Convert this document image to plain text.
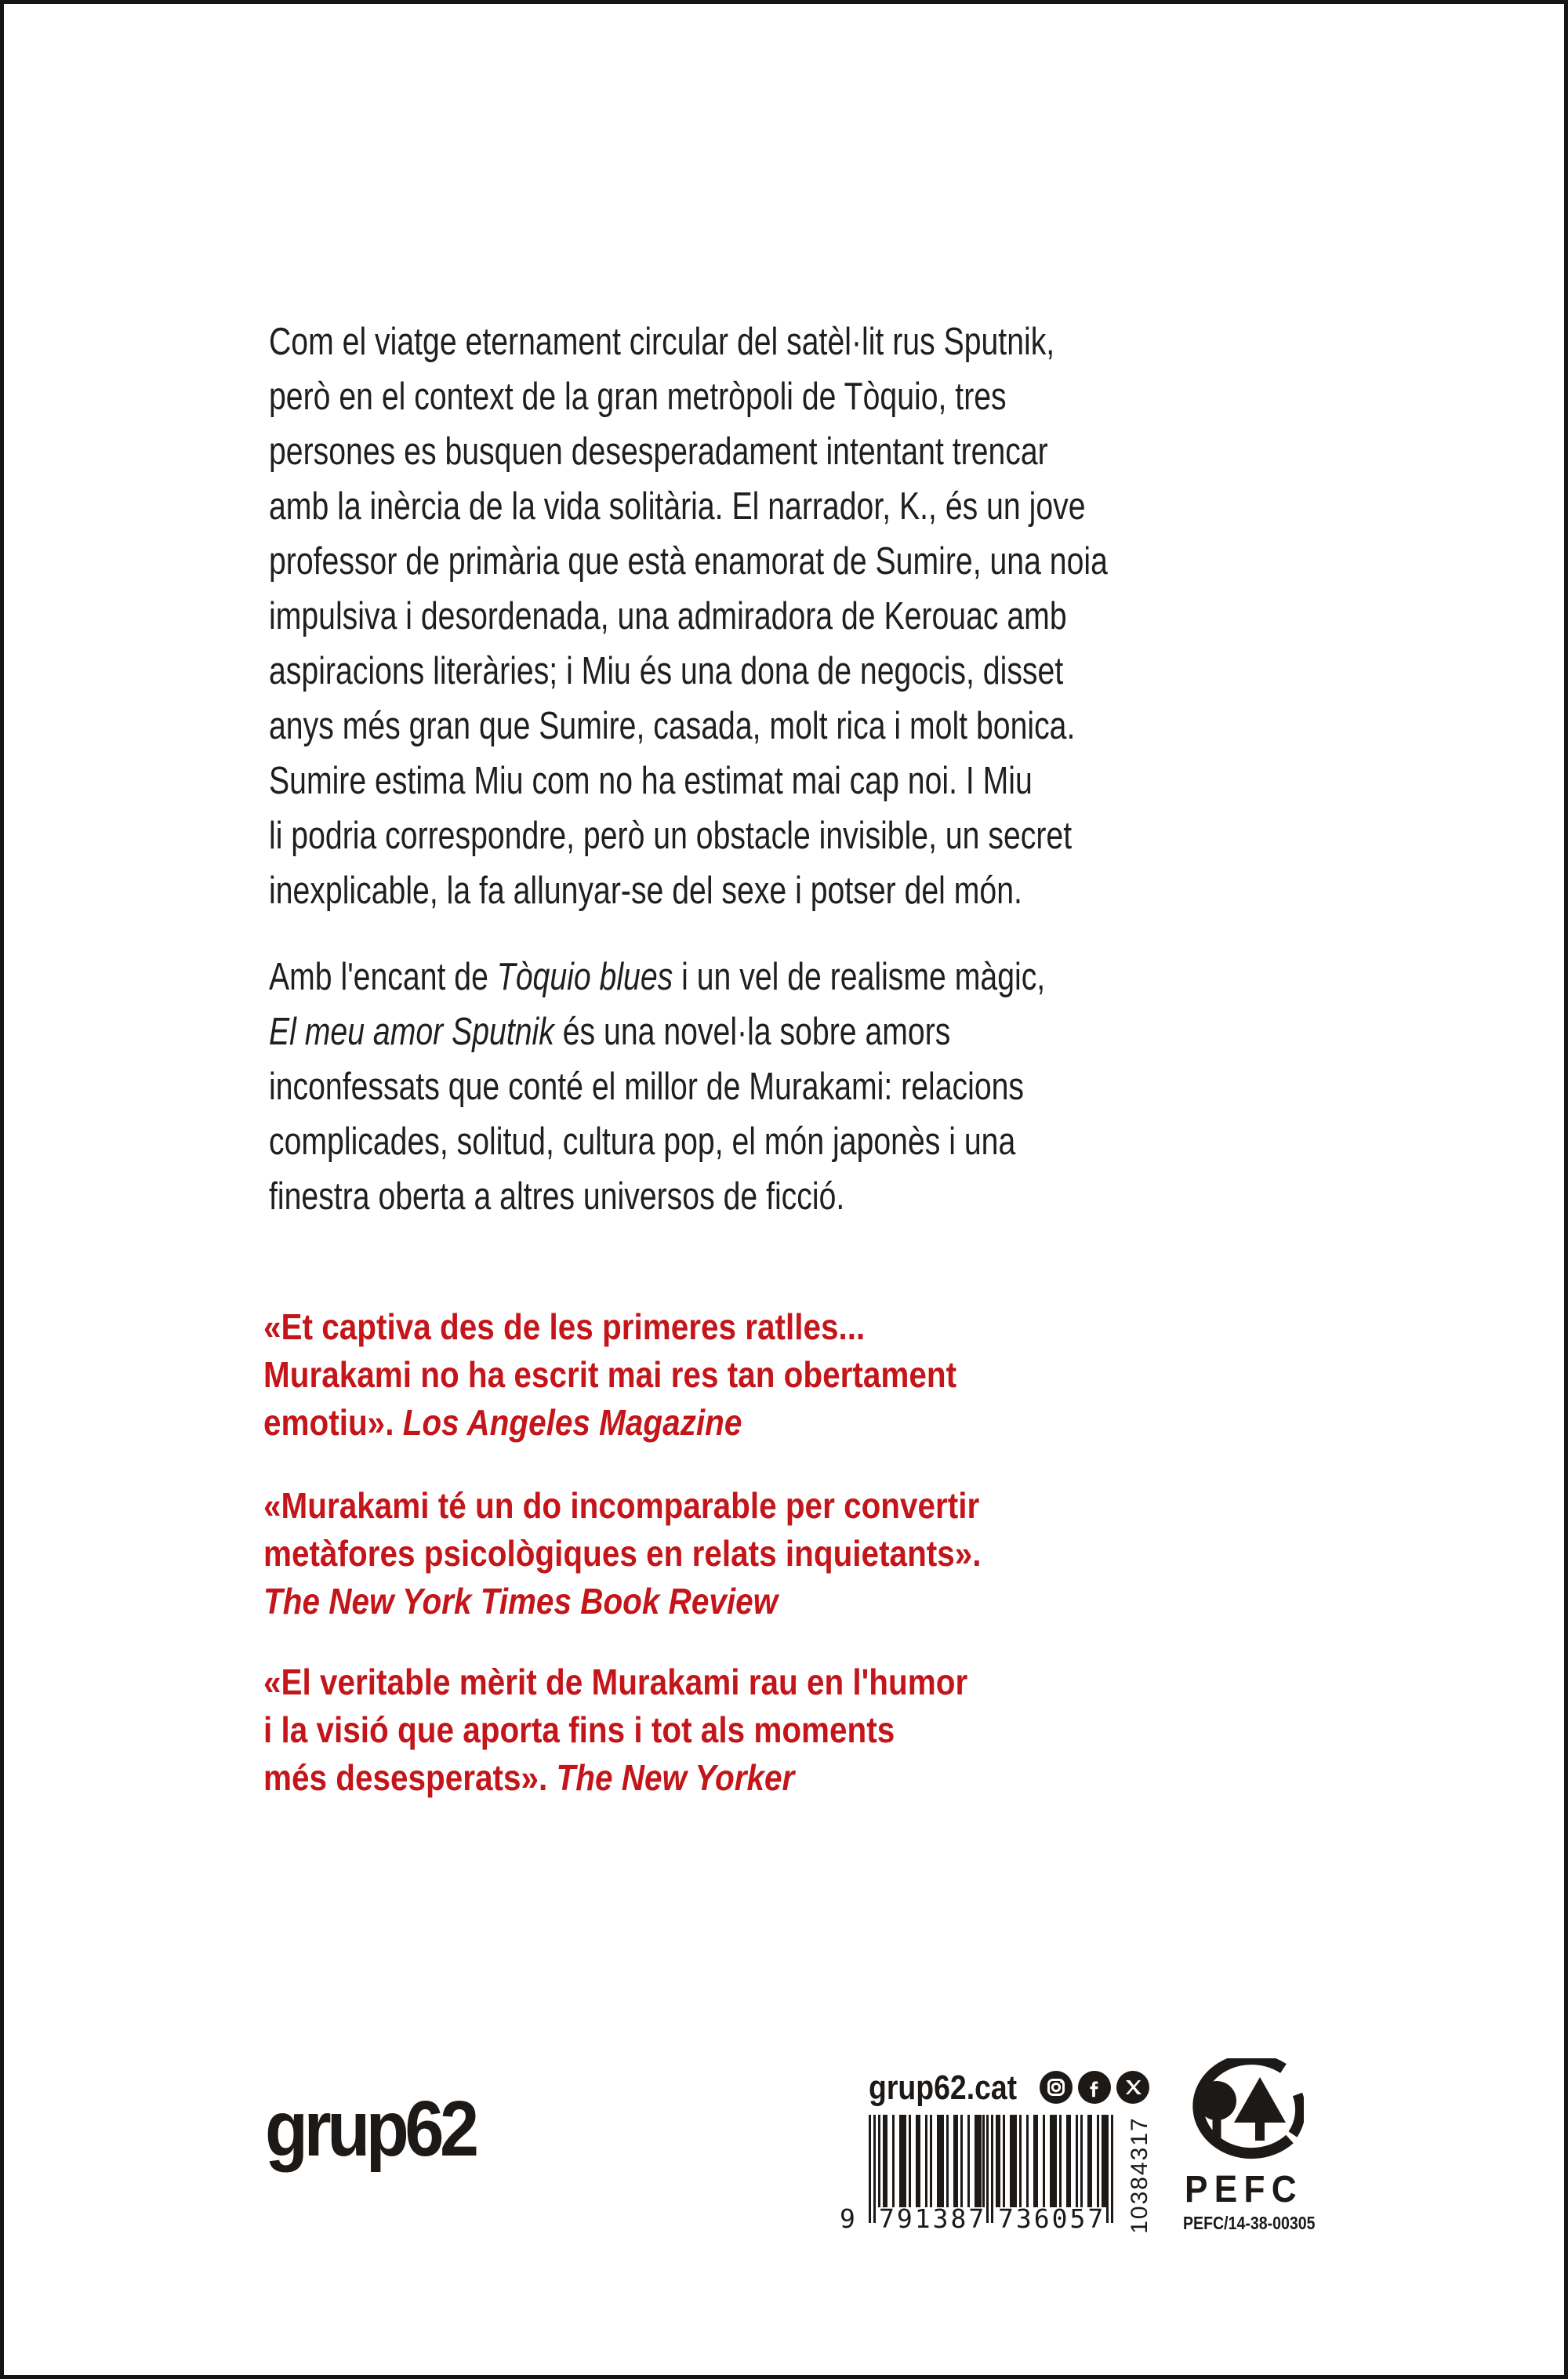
Com el viatge eternament circular del satèl·lit rus Sputnik,
però en el context de la gran metròpoli de Tòquio, tres
persones es busquen desesperadament intentant trencar
amb la inèrcia de la vida solitària. El narrador, K., és un jove
professor de primària que està enamorat de Sumire, una noia
impulsiva i desordenada, una admiradora de Kerouac amb
aspiracions literàries; i Miu és una dona de negocis, disset
anys més gran que Sumire, casada, molt rica i molt bonica.
Sumire estima Miu com no ha estimat mai cap noi. I Miu
li podria correspondre, però un obstacle invisible, un secret
inexplicable, la fa allunyar-se del sexe i potser del món.
Amb l'encant de Tòquio blues i un vel de realisme màgic,
El meu amor Sputnik és una novel·la sobre amors
inconfessats que conté el millor de Murakami: relacions
complicades, solitud, cultura pop, el món japonès i una
finestra oberta a altres universos de ficció.
«Et captiva des de les primeres ratlles...
Murakami no ha escrit mai res tan obertament
emotiu». Los Angeles Magazine
«Murakami té un do incomparable per convertir
metàfores psicològiques en relats inquietants».
The New York Times Book Review
«El veritable mèrit de Murakami rau en l'humor
i la visió que aporta fins i tot als moments
més desesperats». The New Yorker
grup62	grup62.cat
9 791387 736057 10384317 PEFC
PEFC/14-38-00305
